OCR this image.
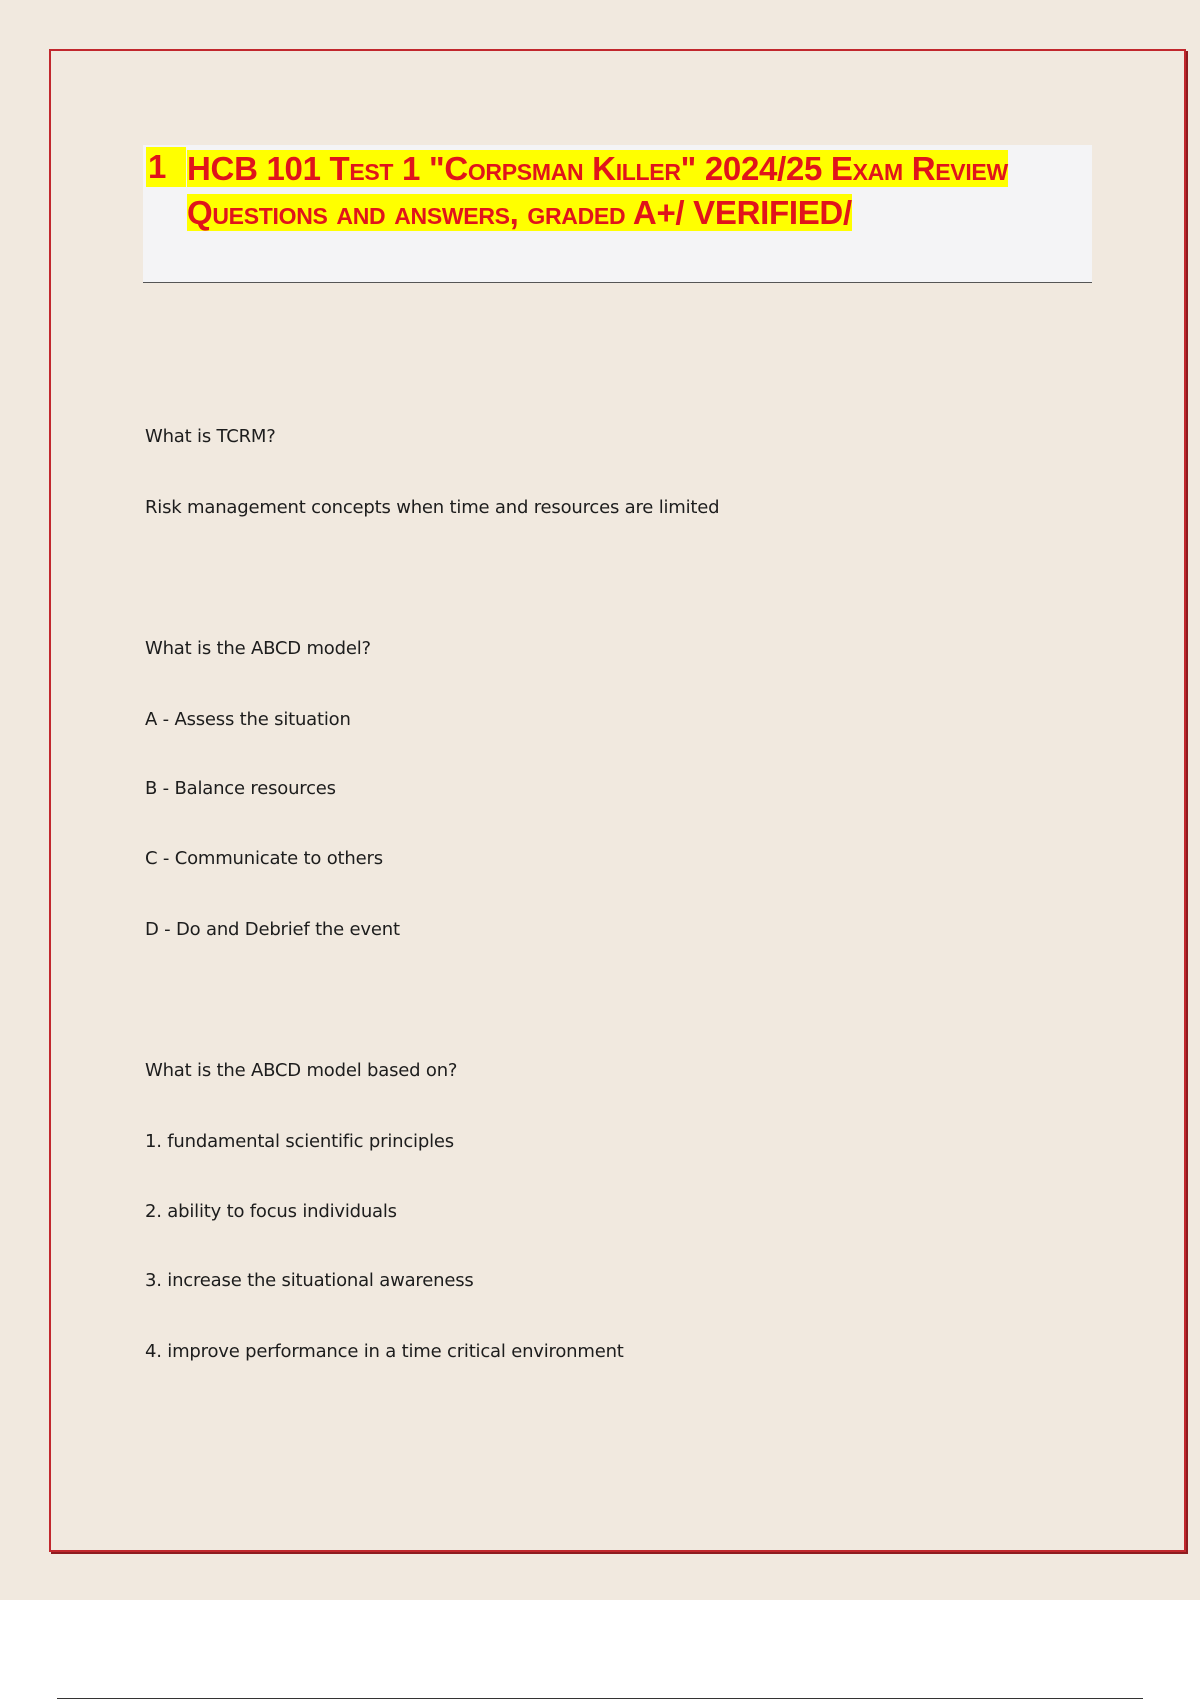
1 HCB 101 Test 1 "Corpsman Killer" 2024/25 Exam Review Questions and answers, graded A+/ VERIFIED/
What is TCRM?
Risk management concepts when time and resources are limited
What is the ABCD model?
A - Assess the situation
B - Balance resources
C - Communicate to others
D - Do and Debrief the event
What is the ABCD model based on?
1. fundamental scientific principles
2. ability to focus individuals
3. increase the situational awareness
4. improve performance in a time critical environment
